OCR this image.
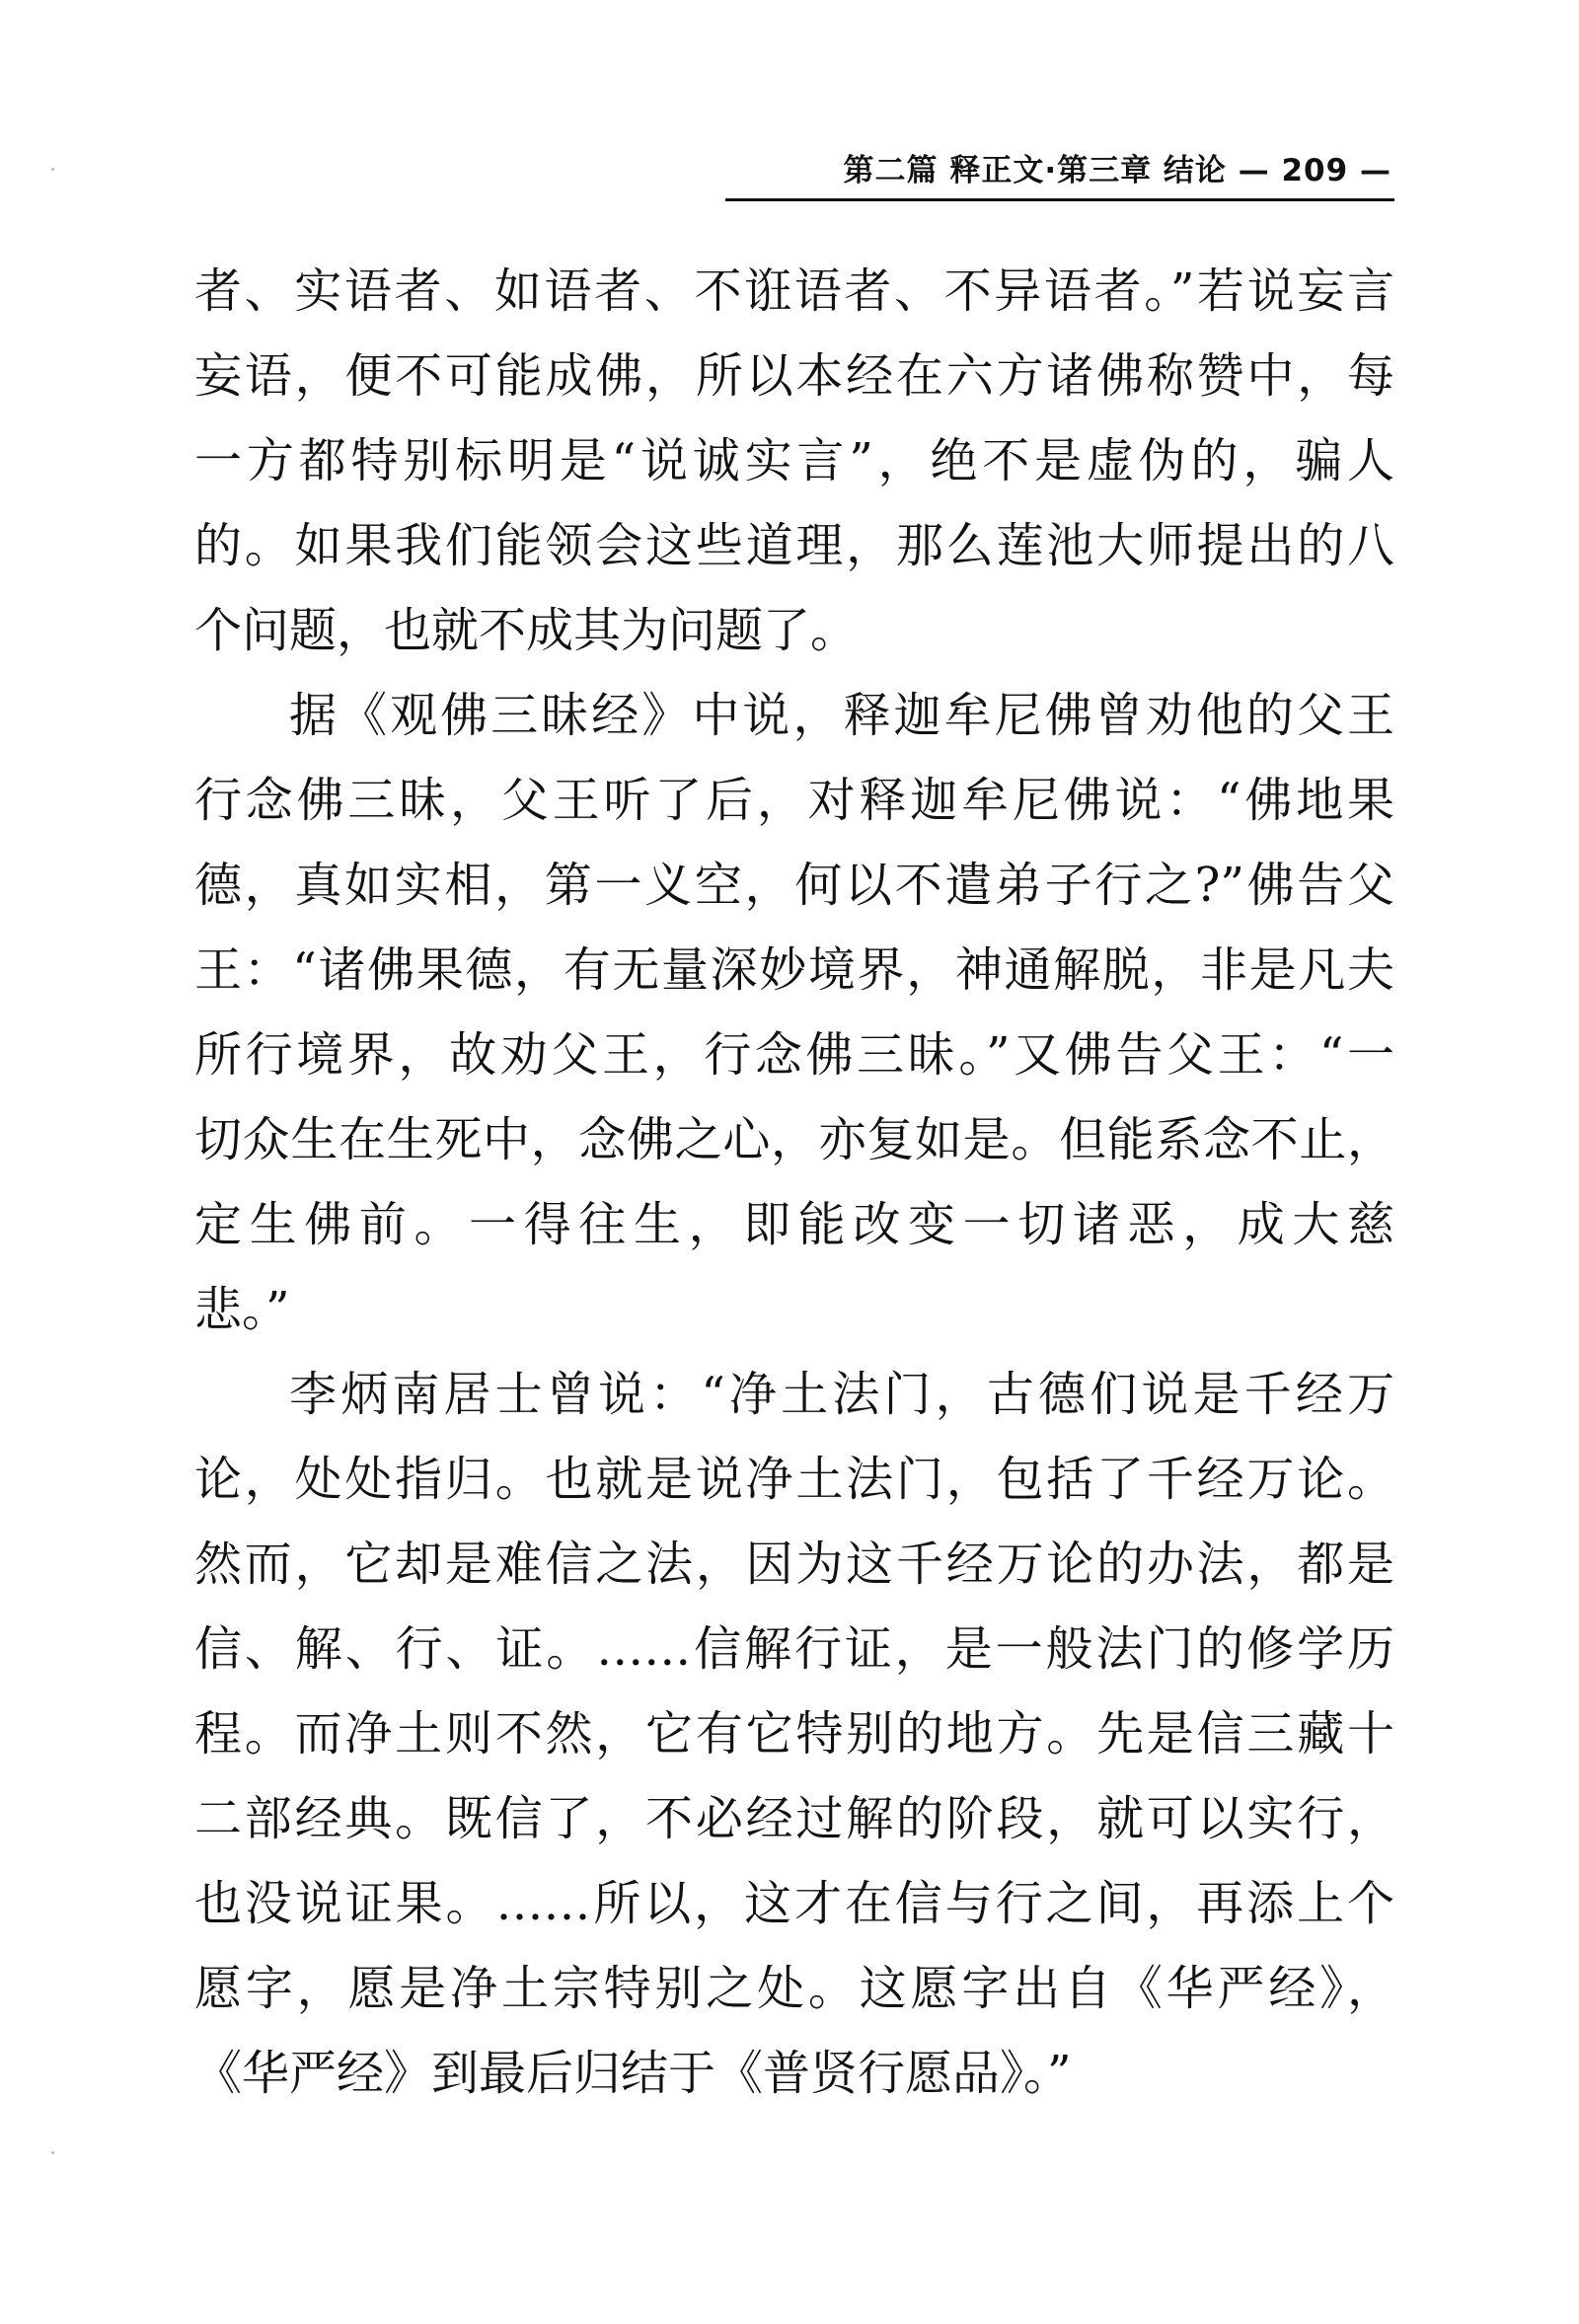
第二篇 释正文·第三章 结论 — 209 —
者、实语者、如语者、不诳语者、不异语者。”若说妄言
妄语，便不可能成佛，所以本经在六方诸佛称赞中，每
一方都特别标明是“说诚实言”，绝不是虚伪的，骗人
的。如果我们能领会这些道理，那么莲池大师提出的八
个问题，也就不成其为问题了。
据《观佛三昧经》中说，释迦牟尼佛曾劝他的父王
行念佛三昧，父王听了后，对释迦牟尼佛说：“佛地果
德，真如实相，第一义空，何以不遣弟子行之?”佛告父
王：“诸佛果德，有无量深妙境界，神通解脱，非是凡夫
所行境界，故劝父王，行念佛三昧。”又佛告父王：“一
切众生在生死中，念佛之心，亦复如是。但能系念不止，
定生佛前。一得往生，即能改变一切诸恶，成大慈
悲。”
李炳南居士曾说：“净土法门，古德们说是千经万
论，处处指归。也就是说净土法门，包括了千经万论。
然而，它却是难信之法，因为这千经万论的办法，都是
信、解、行、证。……信解行证，是一般法门的修学历
程。而净土则不然，它有它特别的地方。先是信三藏十
二部经典。既信了，不必经过解的阶段，就可以实行，
也没说证果。……所以，这才在信与行之间，再添上个
愿字，愿是净土宗特别之处。这愿字出自《华严经》，
《华严经》到最后归结于《普贤行愿品》。”
